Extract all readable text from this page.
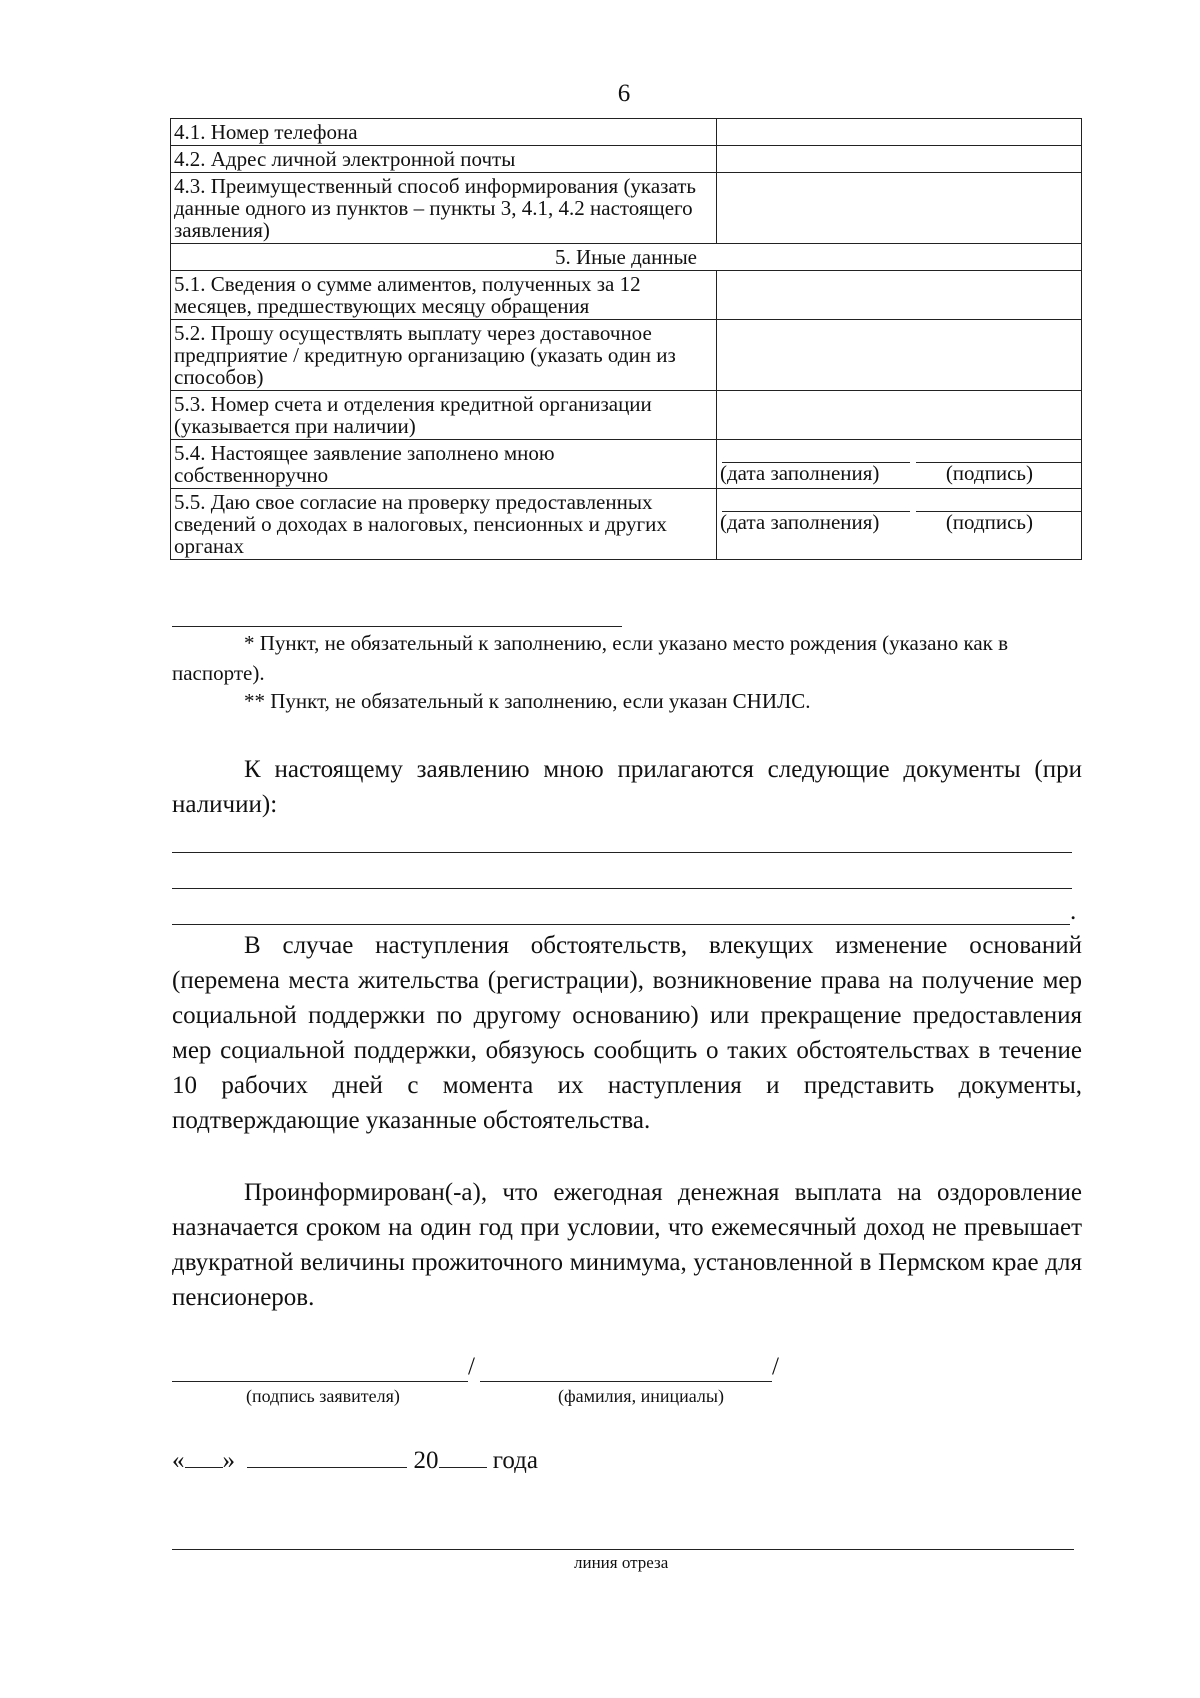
6
4.1. Номер телефона	
4.2. Адрес личной электронной почты	
4.3. Преимущественный способ информирования (указать данные одного из пунктов – пункты 3, 4.1, 4.2 настоящего заявления)	
5. Иные данные	
5.1. Сведения о сумме алиментов, полученных за 12 месяцев, предшествующих месяцу обращения	
5.2. Прошу осуществлять выплату через доставочное предприятие / кредитную организацию (указать один из способов)	
5.3. Номер счета и отделения кредитной организации (указывается при наличии)	
5.4. Настоящее заявление заполнено мною собственноручно	(дата заполнения) (подпись)

5.5. Даю свое согласие на проверку предоставленных сведений о доходах в налоговых, пенсионных и других органах	(дата заполнения) (подпись)
* Пункт, не обязательный к заполнению, если указано место рождения (указано как в паспорте).
** Пункт, не обязательный к заполнению, если указан СНИЛС.
К настоящему заявлению мною прилагаются следующие документы (при наличии):
.
В случае наступления обстоятельств, влекущих изменение оснований (перемена места жительства (регистрации), возникновение права на получение мер социальной поддержки по другому основанию) или прекращение предоставления мер социальной поддержки, обязуюсь сообщить о таких обстоятельствах в течение 10 рабочих дней с момента их наступления и представить документы, подтверждающие указанные обстоятельства.
Проинформирован(-а), что ежегодная денежная выплата на оздоровление назначается сроком на один год при условии, что ежемесячный доход не превышает двукратной величины прожиточного минимума, установленной в Пермском крае для пенсионеров.
/	/
(подпись заявителя)	(фамилия, инициалы)
« »	20 года
линия отреза
